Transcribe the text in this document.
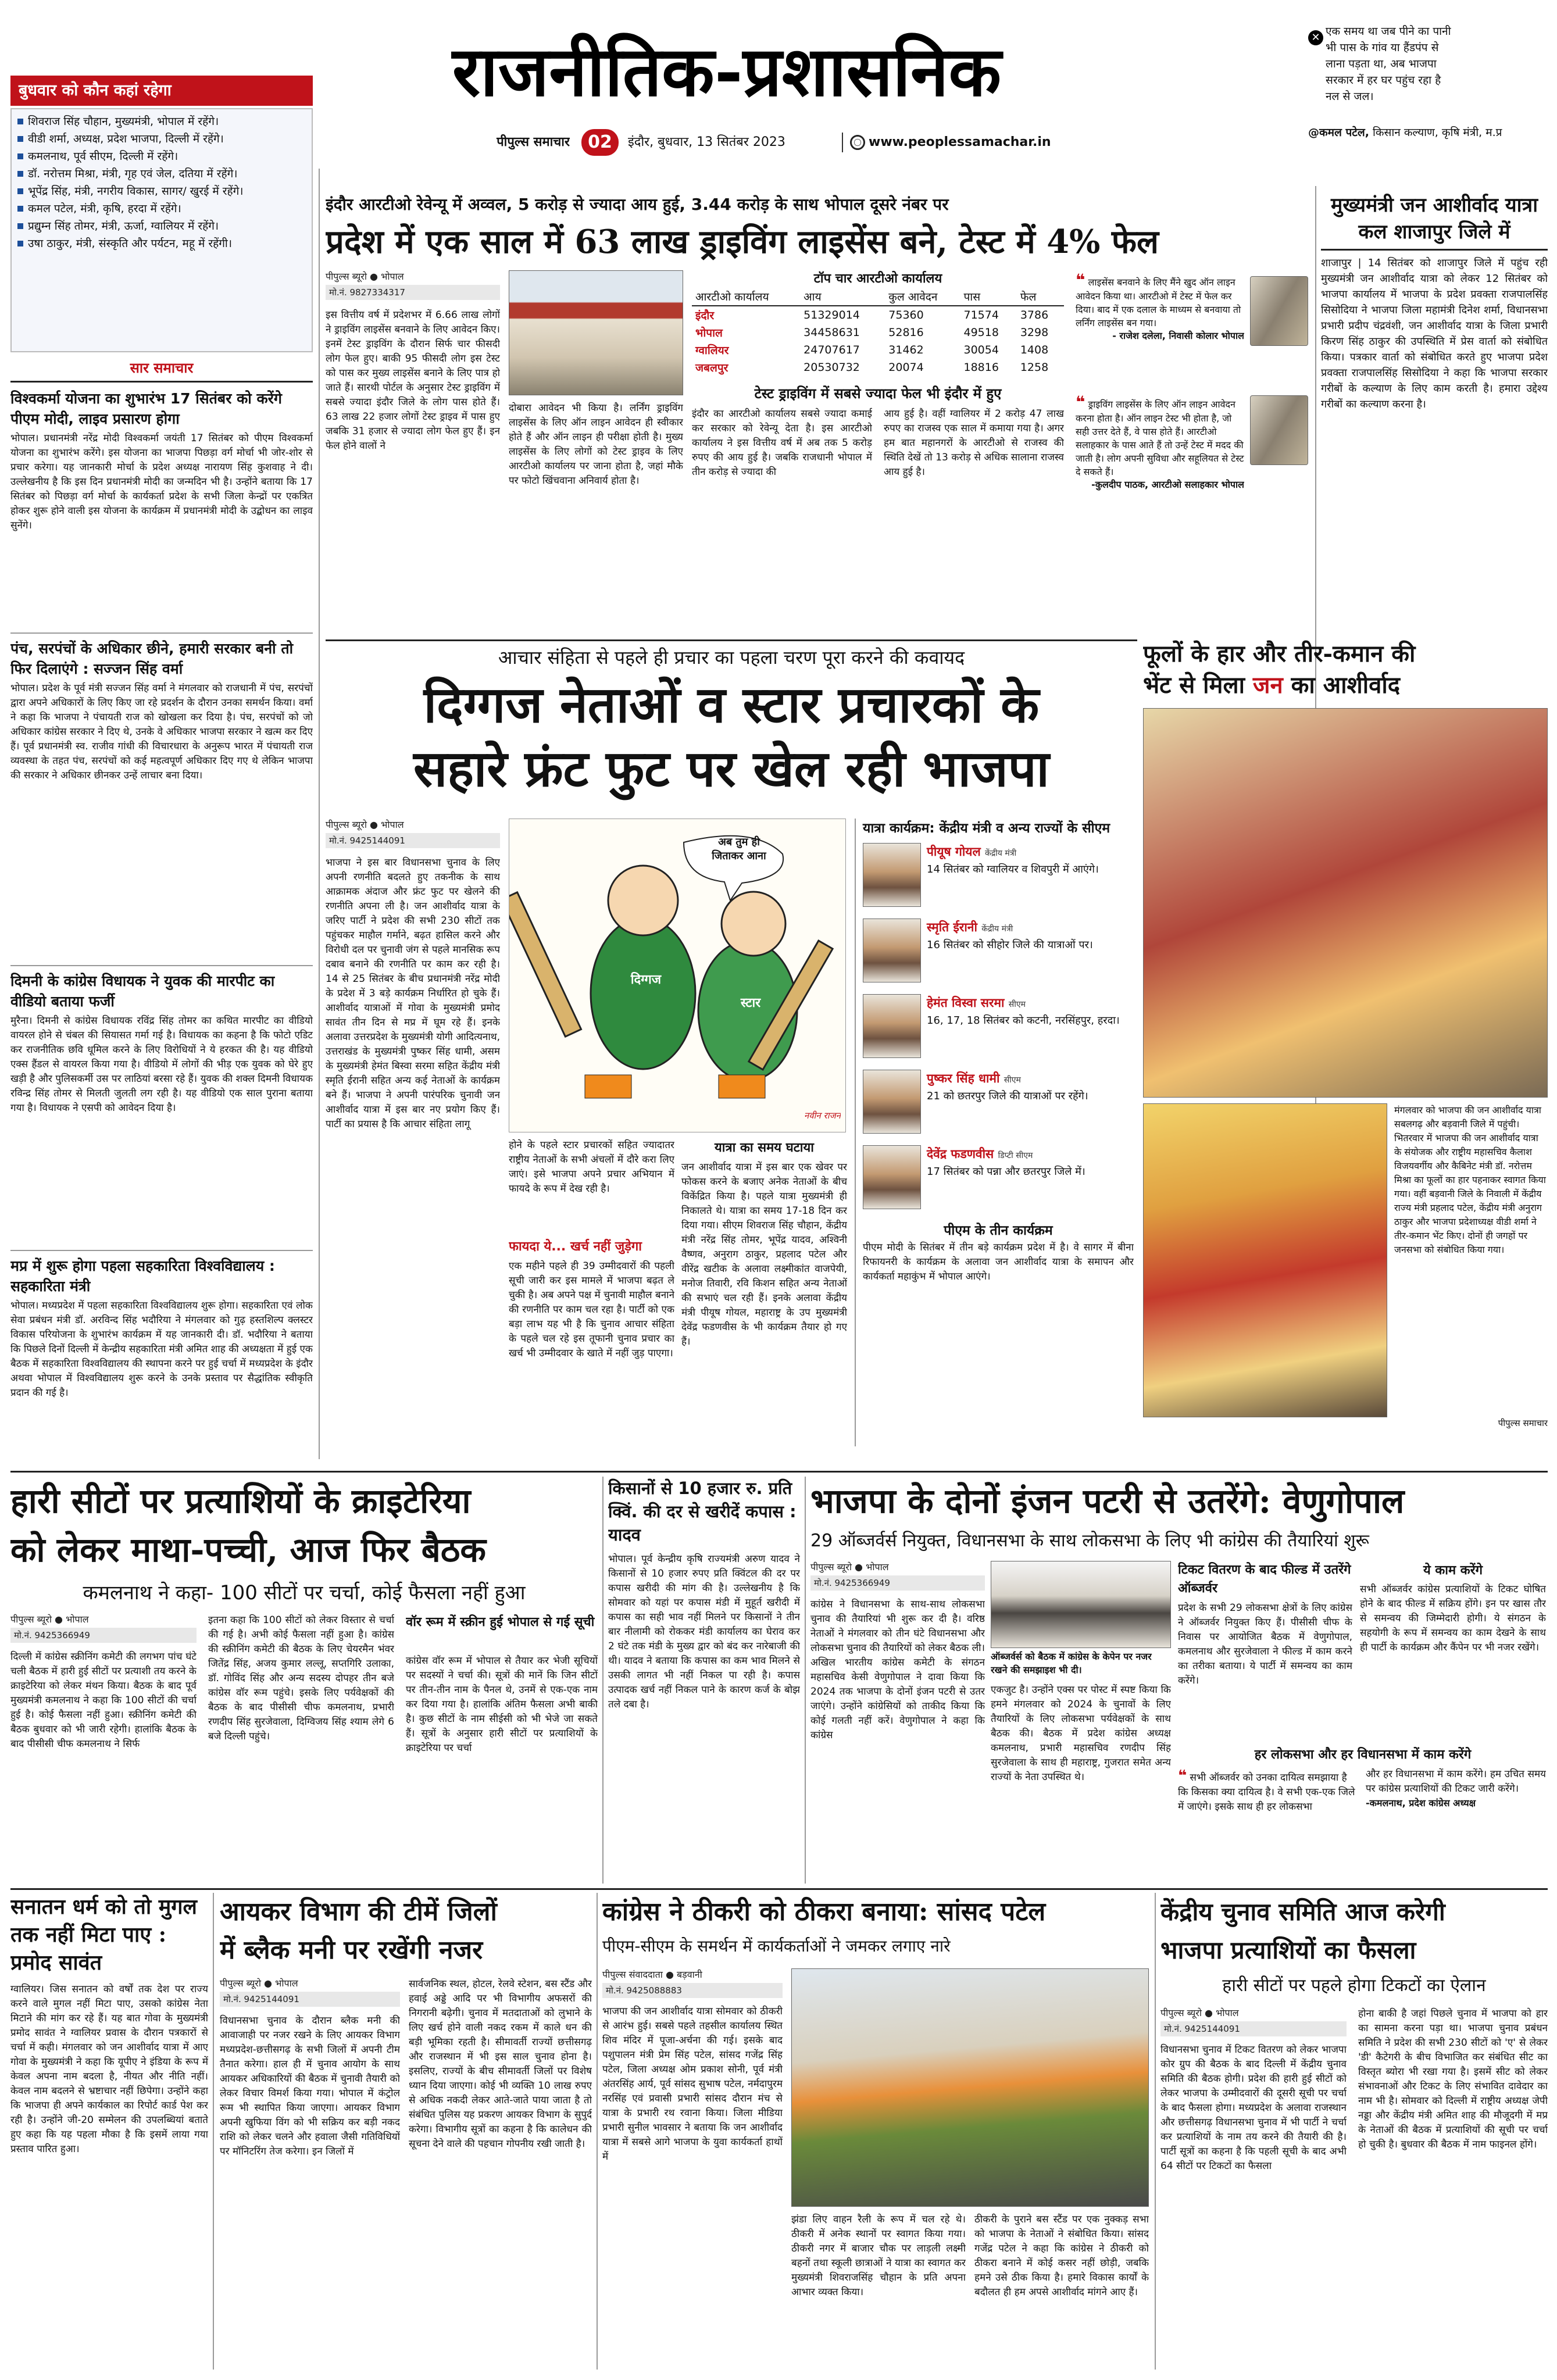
राजनीतिक-प्रशासनिक
पीपुल्स समाचार	02	इंदौर, बुधवार, 13 सितंबर 2023	www.peoplessamachar.in
✕ एक समय था जब पीने का पानी भी पास के गांव या हैंडपंप से लाना पड़ता था, अब भाजपा सरकार में हर घर पहुंच रहा है नल से जल।
@कमल पटेल, किसान कल्याण, कृषि मंत्री, म.प्र
बुधवार को कौन कहां रहेगा
शिवराज सिंह चौहान, मुख्यमंत्री, भोपाल में रहेंगे।
वीडी शर्मा, अध्यक्ष, प्रदेश भाजपा, दिल्ली में रहेंगे।
कमलनाथ, पूर्व सीएम, दिल्ली में रहेंगे।
डॉ. नरोत्तम मिश्रा, मंत्री, गृह एवं जेल, दतिया में रहेंगे।
भूपेंद्र सिंह, मंत्री, नगरीय विकास, सागर/ खुरई में रहेंगे।
कमल पटेल, मंत्री, कृषि, हरदा में रहेंगे।
प्रद्युम्न सिंह तोमर, मंत्री, ऊर्जा, ग्वालियर में रहेंगे।
उषा ठाकुर, मंत्री, संस्कृति और पर्यटन, महू में रहेंगी।
सार समाचार
विश्वकर्मा योजना का शुभारंभ 17 सितंबर को करेंगे पीएम मोदी, लाइव प्रसारण होगा
भोपाल। प्रधानमंत्री नरेंद्र मोदी विश्वकर्मा जयंती 17 सितंबर को पीएम विश्वकर्मा योजना का शुभारंभ करेंगे। इस योजना का भाजपा पिछड़ा वर्ग मोर्चा भी जोर-शोर से प्रचार करेगा। यह जानकारी मोर्चा के प्रदेश अध्यक्ष नारायण सिंह कुशवाह ने दी। उल्लेखनीय है कि इस दिन प्रधानमंत्री मोदी का जन्मदिन भी है। उन्होंने बताया कि 17 सितंबर को पिछड़ा वर्ग मोर्चा के कार्यकर्ता प्रदेश के सभी जिला केन्द्रों पर एकत्रित होकर शुरू होने वाली इस योजना के कार्यक्रम में प्रधानमंत्री मोदी के उद्बोधन का लाइव सुनेंगे।
पंच, सरपंचों के अधिकार छीने, हमारी सरकार बनी तो फिर दिलाएंगे : सज्जन सिंह वर्मा
भोपाल। प्रदेश के पूर्व मंत्री सज्जन सिंह वर्मा ने मंगलवार को राजधानी में पंच, सरपंचों द्वारा अपने अधिकारों के लिए किए जा रहे प्रदर्शन के दौरान उनका समर्थन किया। वर्मा ने कहा कि भाजपा ने पंचायती राज को खोखला कर दिया है। पंच, सरपंचों को जो अधिकार कांग्रेस सरकार ने दिए थे, उनके वे अधिकार भाजपा सरकार ने खत्म कर दिए हैं। पूर्व प्रधानमंत्री स्व. राजीव गांधी की विचारधारा के अनुरूप भारत में पंचायती राज व्यवस्था के तहत पंच, सरपंचों को कई महत्वपूर्ण अधिकार दिए गए थे लेकिन भाजपा की सरकार ने अधिकार छीनकर उन्हें लाचार बना दिया।
दिमनी के कांग्रेस विधायक ने युवक की मारपीट का वीडियो बताया फर्जी
मुरैना। दिमनी से कांग्रेस विधायक रविंद्र सिंह तोमर का कथित मारपीट का वीडियो वायरल होने से चंबल की सियासत गर्मा गई है। विधायक का कहना है कि फोटो एडिट कर राजनीतिक छवि धूमिल करने के लिए विरोधियों ने ये हरकत की है। यह वीडियो एक्स हैंडल से वायरल किया गया है। वीडियो में लोगों की भीड़ एक युवक को घेरे हुए खड़ी है और पुलिसकर्मी उस पर लाठियां बरसा रहे हैं। युवक की शक्ल दिमनी विधायक रविन्द्र सिंह तोमर से मिलती जुलती लग रही है। यह वीडियो एक साल पुराना बताया गया है। विधायक ने एसपी को आवेदन दिया है।
मप्र में शुरू होगा पहला सहकारिता विश्वविद्यालय : सहकारिता मंत्री
भोपाल। मध्यप्रदेश में पहला सहकारिता विश्वविद्यालय शुरू होगा। सहकारिता एवं लोक सेवा प्रबंधन मंत्री डॉ. अरविन्द सिंह भदौरिया ने मंगलवार को गुढ़ हस्तशिल्प क्लस्टर विकास परियोजना के शुभारंभ कार्यक्रम में यह जानकारी दी। डॉ. भदौरिया ने बताया कि पिछले दिनों दिल्ली में केन्द्रीय सहकारिता मंत्री अमित शाह की अध्यक्षता में हुई एक बैठक में सहकारिता विश्वविद्यालय की स्थापना करने पर हुई चर्चा में मध्यप्रदेश के इंदौर अथवा भोपाल में विश्वविद्यालय शुरू करने के उनके प्रस्ताव पर सैद्धांतिक स्वीकृति प्रदान की गई है।
इंदौर आरटीओ रेवेन्यू में अव्वल, 5 करोड़ से ज्यादा आय हुई, 3.44 करोड़ के साथ भोपाल दूसरे नंबर पर
प्रदेश में एक साल में 63 लाख ड्राइविंग लाइसेंस बने, टेस्ट में 4% फेल
पीपुल्स ब्यूरो ● भोपाल
मो.नं. 9827334317
इस वित्तीय वर्ष में प्रदेशभर में 6.66 लाख लोगों ने ड्राइविंग लाइसेंस बनवाने के लिए आवेदन किए। इनमें टेस्ट ड्राइविंग के दौरान सिर्फ चार फीसदी लोग फेल हुए। बाकी 95 फीसदी लोग इस टेस्ट को पास कर मुख्य लाइसेंस बनाने के लिए पात्र हो जाते हैं। सारथी पोर्टल के अनुसार टेस्ट ड्राइविंग में सबसे ज्यादा इंदौर जिले के लोग पास होते हैं। 63 लाख 22 हजार लोगों टेस्ट ड्राइव में पास हुए जबकि 31 हजार से ज्यादा लोग फेल हुए हैं। इन फेल होने वालों ने
दोबारा आवेदन भी किया है। लर्निंग ड्राइविंग लाइसेंस के लिए ऑन लाइन आवेदन ही स्वीकार होते हैं और ऑन लाइन ही परीक्षा होती है। मुख्य लाइसेंस के लिए लोगों को टेस्ट ड्राइव के लिए आरटीओ कार्यालय पर जाना होता है, जहां मौके पर फोटो खिंचवाना अनिवार्य होता है।
टॉप चार आरटीओ कार्यालय
आरटीओ कार्यालय	आय	कुल आवेदन	पास	फेल
इंदौर	51329014	75360	71574	3786
भोपाल	34458631	52816	49518	3298
ग्वालियर	24707617	31462	30054	1408
जबलपुर	20530732	20074	18816	1258
टेस्ट ड्राइविंग में सबसे ज्यादा फेल भी इंदौर में हुए
इंदौर का आरटीओ कार्यालय सबसे ज्यादा कमाई कर सरकार को रेवेन्यू देता है। इस आरटीओ कार्यालय ने इस वित्तीय वर्ष में अब तक 5 करोड़ रुपए की आय हुई है। जबकि राजधानी भोपाल में तीन करोड़ से ज्यादा की
आय हुई है। वहीं ग्वालियर में 2 करोड़ 47 लाख रुपए का राजस्व एक साल में कमाया गया है। अगर हम बात महानगरों के आरटीओ से राजस्व की स्थिति देखें तो 13 करोड़ से अधिक सालाना राजस्व आय हुई है।
❝ लाइसेंस बनवाने के लिए मैंने खुद ऑन लाइन आवेदन किया था। आरटीओ में टेस्ट में फेल कर दिया। बाद में एक दलाल के माध्यम से बनवाया तो लर्निंग लाइसेंस बन गया।
- राजेश दलेला, निवासी कोलार भोपाल
❝ ड्राइविंग लाइसेंस के लिए ऑन लाइन आवेदन करना होता है। ऑन लाइन टेस्ट भी होता है, जो सही उत्तर देते हैं, वे पास होते हैं। आरटीओ सलाहकार के पास आते हैं तो उन्हें टेस्ट में मदद की जाती है। लोग अपनी सुविधा और सहूलियत से टेस्ट दे सकते हैं।
-कुलदीप पाठक, आरटीओ सलाहकार भोपाल
मुख्यमंत्री जन आशीर्वाद यात्रा कल शाजापुर जिले में
शाजापुर | 14 सितंबर को शाजापुर जिले में पहुंच रही मुख्यमंत्री जन आशीर्वाद यात्रा को लेकर 12 सितंबर को भाजपा कार्यालय में भाजपा के प्रदेश प्रवक्ता राजपालसिंह सिसोदिया ने भाजपा जिला महामंत्री दिनेश शर्मा, विधानसभा प्रभारी प्रदीप चंद्रवंशी, जन आशीर्वाद यात्रा के जिला प्रभारी किरण सिंह ठाकुर की उपस्थिति में प्रेस वार्ता को संबोधित किया। पत्रकार वार्ता को संबोधित करते हुए भाजपा प्रदेश प्रवक्ता राजपालसिंह सिसोदिया ने कहा कि भाजपा सरकार गरीबों के कल्याण के लिए काम करती है। हमारा उद्देश्य गरीबों का कल्याण करना है।
फूलों के हार और तीर-कमान की
भेंट से मिला जन का आशीर्वाद
मंगलवार को भाजपा की जन आशीर्वाद यात्रा सबलगढ़ और बड़वानी जिले में पहुंची। भितरवार में भाजपा की जन आशीर्वाद यात्रा के संयोजक और राष्ट्रीय महासचिव कैलाश विजयवर्गीय और कैबिनेट मंत्री डॉ. नरोत्तम मिश्रा का फूलों का हार पहनाकर स्वागत किया गया। वहीं बड़वानी जिले के निवाली में केंद्रीय राज्य मंत्री प्रहलाद पटेल, केंद्रीय मंत्री अनुराग ठाकुर और भाजपा प्रदेशाध्यक्ष वीडी शर्मा ने तीर-कमान भेंट किए। दोनों ही जगहों पर जनसभा को संबोधित किया गया।
पीपुल्स समाचार
आचार संहिता से पहले ही प्रचार का पहला चरण पूरा करने की कवायद
दिग्गज नेताओं व स्टार प्रचारकों के
सहारे फ्रंट फुट पर खेल रही भाजपा
पीपुल्स ब्यूरो ● भोपाल
मो.नं. 9425144091
भाजपा ने इस बार विधानसभा चुनाव के लिए अपनी रणनीति बदलते हुए तकनीक के साथ आक्रामक अंदाज और फ्रंट फुट पर खेलने की रणनीति अपना ली है। जन आशीर्वाद यात्रा के जरिए पार्टी ने प्रदेश की सभी 230 सीटों तक पहुंचकर माहौल गर्माने, बढ़त हासिल करने और विरोधी दल पर चुनावी जंग से पहले मानसिक रूप दबाव बनाने की रणनीति पर काम कर रही है। 14 से 25 सितंबर के बीच प्रधानमंत्री नरेंद्र मोदी के प्रदेश में 3 बड़े कार्यक्रम निर्धारित हो चुके हैं। आशीर्वाद यात्राओं में गोवा के मुख्यमंत्री प्रमोद सावंत तीन दिन से मप्र में घूम रहे हैं। इनके अलावा उत्तरप्रदेश के मुख्यमंत्री योगी आदित्यनाथ, उत्तराखंड के मुख्यमंत्री पुष्कर सिंह धामी, असम के मुख्यमंत्री हेमंत बिस्वा सरमा सहित केंद्रीय मंत्री स्मृति ईरानी सहित अन्य कई नेताओं के कार्यक्रम बने हैं। भाजपा ने अपनी पारंपरिक चुनावी जन आशीर्वाद यात्रा में इस बार नए प्रयोग किए हैं। पार्टी का प्रयास है कि आचार संहिता लागू
अब तुम ही जिताकर आना
दिग्गज
स्टार
नवीन राजन
होने के पहले स्टार प्रचारकों सहित ज्यादातर राष्ट्रीय नेताओं के सभी अंचलों में दौरे करा लिए जाएं। इसे भाजपा अपने प्रचार अभियान में फायदे के रूप में देख रही है।
फायदा ये... खर्च नहीं जुड़ेगा
एक महीने पहले ही 39 उम्मीदवारों की पहली सूची जारी कर इस मामले में भाजपा बढ़त ले चुकी है। अब अपने पक्ष में चुनावी माहौल बनाने की रणनीति पर काम चल रहा है। पार्टी को एक बड़ा लाभ यह भी है कि चुनाव आचार संहिता के पहले चल रहे इस तूफानी चुनाव प्रचार का खर्च भी उम्मीदवार के खाते में नहीं जुड़ पाएगा।
यात्रा का समय घटाया
जन आशीर्वाद यात्रा में इस बार एक खेवर पर फोकस करने के बजाए अनेक नेताओं के बीच विकेंद्रित किया है। पहले यात्रा मुख्यमंत्री ही निकालते थे। यात्रा का समय 17-18 दिन कर दिया गया। सीएम शिवराज सिंह चौहान, केंद्रीय मंत्री नरेंद्र सिंह तोमर, भूपेंद्र यादव, अश्विनी वैष्णव, अनुराग ठाकुर, प्रहलाद पटेल और वीरेंद्र खटीक के अलावा लक्ष्मीकांत वाजपेयी, मनोज तिवारी, रवि किशन सहित अन्य नेताओं की सभाएं चल रही हैं। इनके अलावा केंद्रीय मंत्री पीयूष गोयल, महाराष्ट्र के उप मुख्यमंत्री देवेंद्र फडणवीस के भी कार्यक्रम तैयार हो गए हैं।
यात्रा कार्यक्रम: केंद्रीय मंत्री व अन्य राज्यों के सीएम
पीयूष गोयल केंद्रीय मंत्री
14 सितंबर को ग्वालियर व शिवपुरी में आएंगे।
स्मृति ईरानी केंद्रीय मंत्री
16 सितंबर को सीहोर जिले की यात्राओं पर।
हेमंत विस्वा सरमा सीएम
16, 17, 18 सितंबर को कटनी, नरसिंहपुर, हरदा।
पुष्कर सिंह धामी सीएम
21 को छतरपुर जिले की यात्राओं पर रहेंगे।
देवेंद्र फडणवीस डिप्टी सीएम
17 सितंबर को पन्ना और छतरपुर जिले में।
पीएम के तीन कार्यक्रम
पीएम मोदी के सितंबर में तीन बड़े कार्यक्रम प्रदेश में है। वे सागर में बीना रिफायनरी के कार्यक्रम के अलावा जन आशीर्वाद यात्रा के समापन और कार्यकर्ता महाकुंभ में भोपाल आएंगे।
हारी सीटों पर प्रत्याशियों के क्राइटेरिया
को लेकर माथा-पच्ची, आज फिर बैठक
कमलनाथ ने कहा- 100 सीटों पर चर्चा, कोई फैसला नहीं हुआ
पीपुल्स ब्यूरो ● भोपाल
मो.नं. 9425366949
दिल्ली में कांग्रेस स्क्रीनिंग कमेटी की लगभग पांच घंटे चली बैठक में हारी हुई सीटों पर प्रत्याशी तय करने के क्राइटेरिया को लेकर मंथन किया। बैठक के बाद पूर्व मुख्यमंत्री कमलनाथ ने कहा कि 100 सीटों की चर्चा हुई है। कोई फैसला नहीं हुआ। स्क्रीनिंग कमेटी की बैठक बुधवार को भी जारी रहेगी। हालांकि बैठक के बाद पीसीसी चीफ कमलनाथ ने सिर्फ
इतना कहा कि 100 सीटों को लेकर विस्तार से चर्चा की गई है। अभी कोई फैसला नहीं हुआ है। कांग्रेस की स्क्रीनिंग कमेटी की बैठक के लिए चेयरमैन भंवर जितेंद्र सिंह, अजय कुमार लल्लू, सप्तगिरि उलाका, डॉ. गोविंद सिंह और अन्य सदस्य दोपहर तीन बजे कांग्रेस वॉर रूम पहुंचे। इसके लिए पर्यवेक्षकों की बैठक के बाद पीसीसी चीफ कमलनाथ, प्रभारी रणदीप सिंह सुरजेवाला, दिग्विजय सिंह श्याम लेगे 6 बजे दिल्ली पहुंचे।
वॉर रूम में स्क्रीन हुई भोपाल से गई सूची
कांग्रेस वॉर रूम में भोपाल से तैयार कर भेजी सूचियों पर सदस्यों ने चर्चा की। सूत्रों की मानें कि जिन सीटों पर तीन-तीन नाम के पैनल थे, उनमें से एक-एक नाम कर दिया गया है। हालांकि अंतिम फैसला अभी बाकी है। कुछ सीटों के नाम सीईसी को भी भेजे जा सकते हैं। सूत्रों के अनुसार हारी सीटों पर प्रत्याशियों के क्राइटेरिया पर चर्चा
किसानों से 10 हजार रु. प्रति क्विं. की दर से खरीदें कपास : यादव
भोपाल। पूर्व केन्द्रीय कृषि राज्यमंत्री अरुण यादव ने किसानों से 10 हजार रुपए प्रति क्विंटल की दर पर कपास खरीदी की मांग की है। उल्लेखनीय है कि सोमवार को यहां पर कपास मंडी में मुहूर्त खरीदी में कपास का सही भाव नहीं मिलने पर किसानों ने तीन बार नीलामी को रोककर मंडी कार्यालय का घेराव कर 2 घंटे तक मंडी के मुख्य द्वार को बंद कर नारेबाजी की थी। यादव ने बताया कि कपास का कम भाव मिलने से उसकी लागत भी नहीं निकल पा रही है। कपास उत्पादक खर्च नहीं निकल पाने के कारण कर्ज के बोझ तले दबा है।
भाजपा के दोनों इंजन पटरी से उतरेंगे: वेणुगोपाल
29 ऑब्जर्वर्स नियुक्त, विधानसभा के साथ लोकसभा के लिए भी कांग्रेस की तैयारियां शुरू
पीपुल्स ब्यूरो ● भोपाल
मो.नं. 9425366949
ऑब्जर्वर्स को बैठक में कांग्रेस के केपेन पर नजर रखने की समझाइश भी दी।
कांग्रेस ने विधानसभा के साथ-साथ लोकसभा चुनाव की तैयारियां भी शुरू कर दी है। वरिष्ठ नेताओं ने मंगलवार को तीन घंटे विधानसभा और लोकसभा चुनाव की तैयारियों को लेकर बैठक ली। अखिल भारतीय कांग्रेस कमेटी के संगठन महासचिव केसी वेणुगोपाल ने दावा किया कि 2024 तक भाजपा के दोनों इंजन पटरी से उतर जाएंगे। उन्होंने कांग्रेसियों को ताकीद किया कि कोई गलती नहीं करें। वेणुगोपाल ने कहा कि कांग्रेस
एकजुट है। उन्होंने एक्स पर पोस्ट में स्पष्ट किया कि हमने मंगलवार को 2024 के चुनावों के लिए तैयारियों के लिए लोकसभा पर्यवेक्षकों के साथ बैठक की। बैठक में प्रदेश कांग्रेस अध्यक्ष कमलनाथ, प्रभारी महासचिव रणदीप सिंह सुरजेवाला के साथ ही महाराष्ट्र, गुजरात समेत अन्य राज्यों के नेता उपस्थित थे।
टिकट वितरण के बाद फील्ड में उतरेंगे ऑब्जर्वर
प्रदेश के सभी 29 लोकसभा क्षेत्रों के लिए कांग्रेस ने ऑब्जर्वर नियुक्त किए हैं। पीसीसी चीफ के निवास पर आयोजित बैठक में वेणुगोपाल, कमलनाथ और सुरजेवाला ने फील्ड में काम करने का तरीका बताया। ये पार्टी में समन्वय का काम करेंगे।
ये काम करेंगे
सभी ऑब्जर्वर कांग्रेस प्रत्याशियों के टिकट घोषित होने के बाद फील्ड में सक्रिय होंगे। इन पर खास तौर से समन्वय की जिम्मेदारी होगी। ये संगठन के सहयोगी के रूप में समन्वय का काम देखने के साथ ही पार्टी के कार्यक्रम और कैंपेन पर भी नजर रखेंगे।
हर लोकसभा और हर विधानसभा में काम करेंगे
❝ सभी ऑब्जर्वर को उनका दायित्व समझाया है कि किसका क्या दायित्व है। वे सभी एक-एक जिले में जाएंगे। इसके साथ ही हर लोकसभा
और हर विधानसभा में काम करेंगे। हम उचित समय पर कांग्रेस प्रत्याशियों की टिकट जारी करेंगे।
-कमलनाथ, प्रदेश कांग्रेस अध्यक्ष
सनातन धर्म को तो मुगल तक नहीं मिटा पाए : प्रमोद सावंत
ग्वालियर। जिस सनातन को वर्षों तक देश पर राज्य करने वाले मुगल नहीं मिटा पाए, उसको कांग्रेस नेता मिटाने की मांग कर रहे हैं। यह बात गोवा के मुख्यमंत्री प्रमोद सावंत ने ग्वालियर प्रवास के दौरान पत्रकारों से चर्चा में कही। मंगलवार को जन आशीर्वाद यात्रा में आए गोवा के मुख्यमंत्री ने कहा कि यूपीए ने इंडिया के रूप में केवल अपना नाम बदला है, नीयत और नीति नहीं। केवल नाम बदलने से भ्रष्टाचार नहीं छिपेगा। उन्होंने कहा कि भाजपा ही अपने कार्यकाल का रिपोर्ट कार्ड पेश कर रही है। उन्होंने जी-20 सम्मेलन की उपलब्धियां बताते हुए कहा कि यह पहला मौका है कि इसमें लाया गया प्रस्ताव पारित हुआ।
आयकर विभाग की टीमें जिलों
में ब्लैक मनी पर रखेंगी नजर
पीपुल्स ब्यूरो ● भोपाल
मो.नं. 9425144091
विधानसभा चुनाव के दौरान ब्लैक मनी की आवाजाही पर नजर रखने के लिए आयकर विभाग मध्यप्रदेश-छत्तीसगढ़ के सभी जिलों में अपनी टीम तैनात करेगा। हाल ही में चुनाव आयोग के साथ आयकर अधिकारियों की बैठक में चुनावी तैयारी को लेकर विचार विमर्श किया गया। भोपाल में कंट्रोल रूम भी स्थापित किया जाएगा। आयकर विभाग अपनी खुफिया विंग को भी सक्रिय कर बड़ी नकद राशि को लेकर चलने और हवाला जैसी गतिविधियों पर मॉनिटरिंग तेज करेगा। इन जिलों में
सार्वजनिक स्थल, होटल, रेलवे स्टेशन, बस स्टैंड और हवाई अड्डे आदि पर भी विभागीय अफसरों की निगरानी बढ़ेगी। चुनाव में मतदाताओं को लुभाने के लिए खर्च होने वाली नकद रकम में काले धन की बड़ी भूमिका रहती है। सीमावर्ती राज्यों छत्तीसगढ़ और राजस्थान में भी इस साल चुनाव होना है। इसलिए, राज्यों के बीच सीमावर्ती जिलों पर विशेष ध्यान दिया जाएगा। कोई भी व्यक्ति 10 लाख रुपए से अधिक नकदी लेकर आते-जाते पाया जाता है तो संबंधित पुलिस यह प्रकरण आयकर विभाग के सुपुर्द करेगा। विभागीय सूत्रों का कहना है कि कालेधन की सूचना देने वाले की पहचान गोपनीय रखी जाती है।
कांग्रेस ने ठीकरी को ठीकरा बनाया: सांसद पटेल
पीएम-सीएम के समर्थन में कार्यकर्ताओं ने जमकर लगाए नारे
पीपुल्स संवाददाता ● बड़वानी
मो.नं. 9425088883
भाजपा की जन आशीर्वाद यात्रा सोमवार को ठीकरी से आरंभ हुई। सबसे पहले तहसील कार्यालय स्थित शिव मंदिर में पूजा-अर्चना की गई। इसके बाद पशुपालन मंत्री प्रेम सिंह पटेल, सांसद गजेंद्र सिंह पटेल, जिला अध्यक्ष ओम प्रकाश सोनी, पूर्व मंत्री अंतरसिंह आर्य, पूर्व सांसद सुभाष पटेल, नर्मदापुरम नरसिंह एवं प्रवासी प्रभारी सांसद दौरान मंच से यात्रा के प्रभारी रथ रवाना किया। जिला मीडिया प्रभारी सुनील भावसार ने बताया कि जन आशीर्वाद यात्रा में सबसे आगे भाजपा के युवा कार्यकर्ता हाथों में
झंडा लिए वाहन रैली के रूप में चल रहे थे। ठीकरी में अनेक स्थानों पर स्वागत किया गया। ठीकरी नगर में बाजार चौक पर लाड़ली लक्ष्मी बहनों तथा स्कूली छात्राओं ने यात्रा का स्वागत कर मुख्यमंत्री शिवराजसिंह चौहान के प्रति अपना आभार व्यक्त किया।
ठीकरी के पुराने बस स्टैंड पर एक नुक्कड़ सभा को भाजपा के नेताओं ने संबोधित किया। सांसद गजेंद्र पटेल ने कहा कि कांग्रेस ने ठीकरी को ठीकरा बनाने में कोई कसर नहीं छोड़ी, जबकि हमने उसे ठीक किया है। हमारे विकास कार्यों के बदौलत ही हम अपसे आशीर्वाद मांगने आए हैं।
केंद्रीय चुनाव समिति आज करेगी
भाजपा प्रत्याशियों का फैसला
हारी सीटों पर पहले होगा टिकटों का ऐलान
पीपुल्स ब्यूरो ● भोपाल
मो.नं. 9425144091
विधानसभा चुनाव में टिकट वितरण को लेकर भाजपा कोर ग्रुप की बैठक के बाद दिल्ली में केंद्रीय चुनाव समिति की बैठक होगी। प्रदेश की हारी हुई सीटों को लेकर भाजपा के उम्मीदवारों की दूसरी सूची पर चर्चा के बाद फैसला होगा। मध्यप्रदेश के अलावा राजस्थान और छत्तीसगढ़ विधानसभा चुनाव में भी पार्टी ने चर्चा कर प्रत्याशियों के नाम तय करने की तैयारी की है। पार्टी सूत्रों का कहना है कि पहली सूची के बाद अभी 64 सीटों पर टिकटों का फैसला
होना बाकी है जहां पिछले चुनाव में भाजपा को हार का सामना करना पड़ा था। भाजपा चुनाव प्रबंधन समिति ने प्रदेश की सभी 230 सीटों को 'ए' से लेकर 'डी' कैटेगरी के बीच विभाजित कर संबंधित सीट का विस्तृत ब्योरा भी रखा गया है। इसमें सीट को लेकर संभावनाओं और टिकट के लिए संभावित दावेदार का नाम भी है। सोमवार को दिल्ली में राष्ट्रीय अध्यक्ष जेपी नड्डा और केंद्रीय मंत्री अमित शाह की मौजूदगी में मप्र के नेताओं की बैठक में प्रत्याशियों की सूची पर चर्चा हो चुकी है। बुधवार की बैठक में नाम फाइनल होंगे।
